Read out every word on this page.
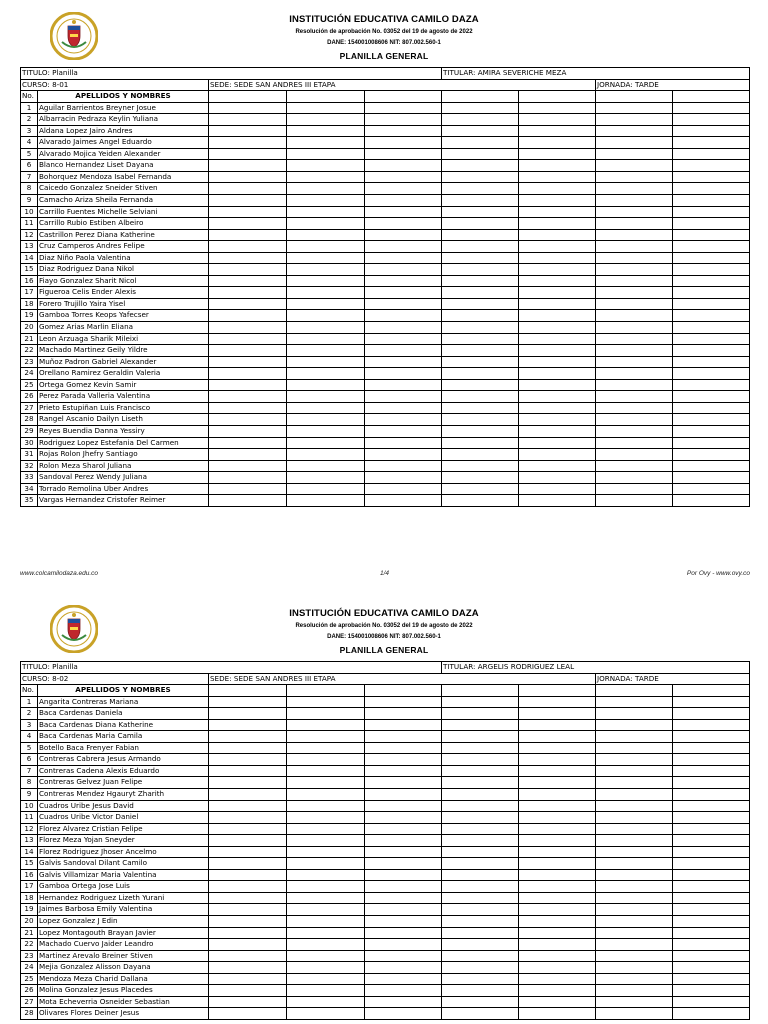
INSTITUCIÓN EDUCATIVA CAMILO DAZA
Resolución de aprobación No. 03052 del 19 de agosto de 2022
DANE: 154001008606 NIT: 807.002.560-1
PLANILLA GENERAL
TITULO: Planilla					TITULAR: AMIRA SEVERICHE MEZA			
CURSO: 8-01		SEDE: SEDE SAN ANDRES III ETAPA					JORNADA: TARDE	
No.	APELLIDOS Y NOMBRES							
1	Aguilar Barrientos Breyner Josue							
2	Albarracin Pedraza Keylin Yuliana							
3	Aldana Lopez Jairo Andres							
4	Alvarado Jaimes Angel Eduardo							
5	Alvarado Mojica Yeiden Alexander							
6	Blanco Hernandez Liset Dayana							
7	Bohorquez Mendoza Isabel Fernanda							
8	Caicedo Gonzalez Sneider Stiven							
9	Camacho Ariza Sheila Fernanda							
10	Carrillo Fuentes Michelle Selviani							
11	Carrillo Rubio Estiben Albeiro							
12	Castrillon Perez Diana Katherine							
13	Cruz Camperos Andres Felipe							
14	Diaz Niño Paola Valentina							
15	Diaz Rodriguez Dana Nikol							
16	Fiayo Gonzalez Sharit Nicol							
17	Figueroa Celis Ender Alexis							
18	Forero Trujillo Yaira Yisel							
19	Gamboa Torres Keops Yafecser							
20	Gomez Arias Marlin Eliana							
21	Leon Arzuaga Sharik Mileixi							
22	Machado Martinez Geily Yildre							
23	Muñoz Padron Gabriel Alexander							
24	Orellano Ramirez Geraldin Valeria							
25	Ortega Gomez Kevin Samir							
26	Perez Parada Valleria Valentina							
27	Prieto Estupiñan Luis Francisco							
28	Rangel Ascanio Dailyn Liseth							
29	Reyes Buendia Danna Yessiry							
30	Rodriguez Lopez Estefania Del Carmen							
31	Rojas Rolon Jhefry Santiago							
32	Rolon Meza Sharol Juliana							
33	Sandoval Perez Wendy Juliana							
34	Torrado Remolina Uber Andres							
35	Vargas Hernandez Cristofer Reimer							
www.colcamilodaza.edu.co	1/4	Por Ovy - www.ovy.co
INSTITUCIÓN EDUCATIVA CAMILO DAZA
Resolución de aprobación No. 03052 del 19 de agosto de 2022
DANE: 154001008606 NIT: 807.002.560-1
PLANILLA GENERAL
TITULO: Planilla					TITULAR: ARGELIS RODRIGUEZ LEAL			
CURSO: 8-02		SEDE: SEDE SAN ANDRES III ETAPA					JORNADA: TARDE	
No.	APELLIDOS Y NOMBRES							
1	Angarita Contreras Mariana							
2	Baca Cardenas Daniela							
3	Baca Cardenas Diana Katherine							
4	Baca Cardenas Maria Camila							
5	Botello Baca Frenyer Fabian							
6	Contreras Cabrera Jesus Armando							
7	Contreras Cadena Alexis Eduardo							
8	Contreras Gelvez Juan Felipe							
9	Contreras Mendez Hgauryt Zharith							
10	Cuadros Uribe Jesus David							
11	Cuadros Uribe Victor Daniel							
12	Florez Alvarez Cristian Felipe							
13	Florez Meza Yojan Sneyder							
14	Florez Rodriguez Jhoser Ancelmo							
15	Galvis Sandoval Dilant Camilo							
16	Galvis Villamizar Maria Valentina							
17	Gamboa Ortega Jose Luis							
18	Hernandez Rodriguez Lizeth Yurani							
19	Jaimes Barbosa Emily Valentina							
20	Lopez Gonzalez J Edin							
21	Lopez Montagouth Brayan Javier							
22	Machado Cuervo Jaider Leandro							
23	Martinez Arevalo Breiner Stiven							
24	Mejia Gonzalez Alisson Dayana							
25	Mendoza Meza Charid Dallana							
26	Molina Gonzalez Jesus Placedes							
27	Mota Echeverria Osneider Sebastian							
28	Olivares Flores Deiner Jesus							
